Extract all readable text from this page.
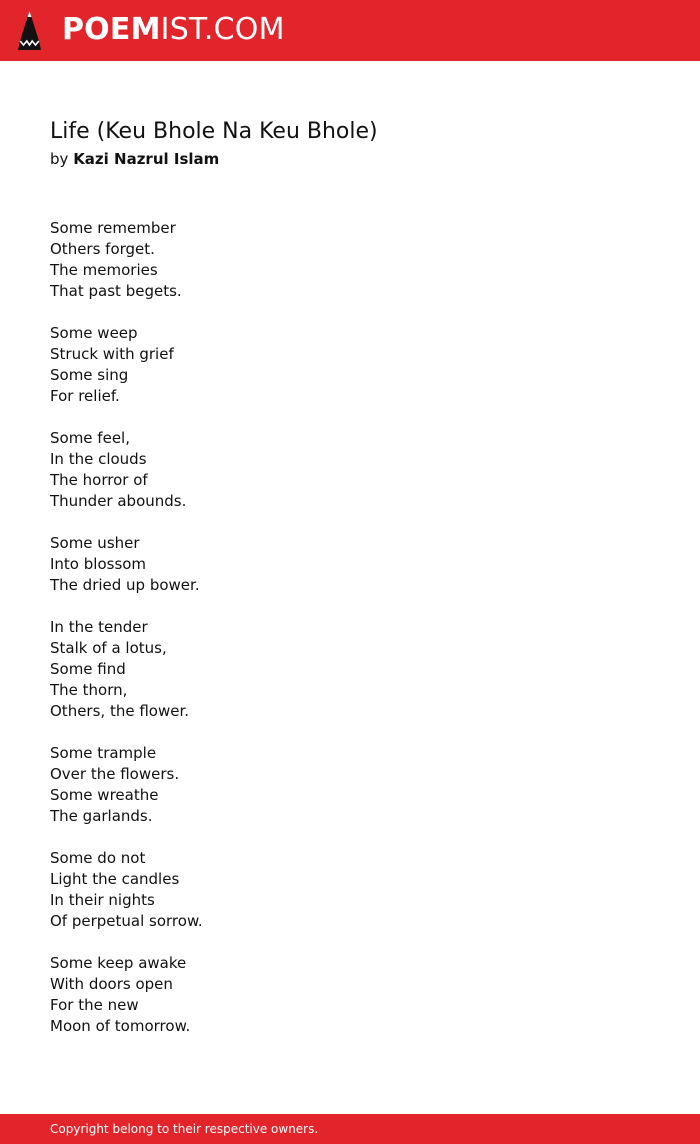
POEMIST.COM
Life (Keu Bhole Na Keu Bhole)

by Kazi Nazrul Islam

Some remember
Others forget.
The memories
That past begets.
Some weep
Struck with grief
Some sing
For relief.
Some feel,
In the clouds
The horror of
Thunder abounds.
Some usher
Into blossom
The dried up bower.
In the tender
Stalk of a lotus,
Some find
The thorn,
Others, the flower.
Some trample
Over the flowers.
Some wreathe
The garlands.
Some do not
Light the candles
In their nights
Of perpetual sorrow.
Some keep awake
With doors open
For the new
Moon of tomorrow.

Copyright belong to their respective owners.
